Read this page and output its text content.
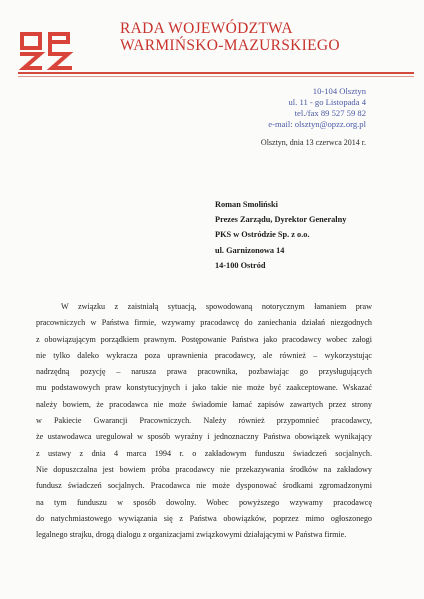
RADA WOJEWÓDZTWA
WARMIŃSKO-MAZURSKIEGO
10-104 Olsztyn
ul. 11 - go Listopada 4
tel./fax 89 527 59 82
e-mail: olsztyn@opzz.org.pl
Olsztyn, dnia 13 czerwca 2014 r.
Roman Smoliński
Prezes Zarządu, Dyrektor Generalny
PKS w Ostródzie Sp. z o.o.
ul. Garnizonowa 14
14-100 Ostród
W związku z zaistniałą sytuacją, spowodowaną notorycznym łamaniem praw
pracowniczych w Państwa firmie, wzywamy pracodawcę do zaniechania działań niezgodnych
z obowiązującym porządkiem prawnym. Postępowanie Państwa jako pracodawcy wobec załogi
nie tylko daleko wykracza poza uprawnienia pracodawcy, ale również – wykorzystując
nadrzędną pozycję – narusza prawa pracownika, pozbawiając go przysługujących
mu podstawowych praw konstytucyjnych i jako takie nie może być zaakceptowane. Wskazać
należy bowiem, że pracodawca nie może świadomie łamać zapisów zawartych przez strony
w Pakiecie Gwarancji Pracowniczych. Należy również przypomnieć pracodawcy,
że ustawodawca uregulował w sposób wyraźny i jednoznaczny Państwa obowiązek wynikający
z ustawy z dnia 4 marca 1994 r. o zakładowym funduszu świadczeń socjalnych.
Nie dopuszczalna jest bowiem próba pracodawcy nie przekazywania środków na zakładowy
fundusz świadczeń socjalnych. Pracodawca nie może dysponować środkami zgromadzonymi
na tym funduszu w sposób dowolny. Wobec powyższego wzywamy pracodawcę
do natychmiastowego wywiązania się z Państwa obowiązków, poprzez mimo ogłoszonego
legalnego strajku, drogą dialogu z organizacjami związkowymi działającymi w Państwa firmie.
